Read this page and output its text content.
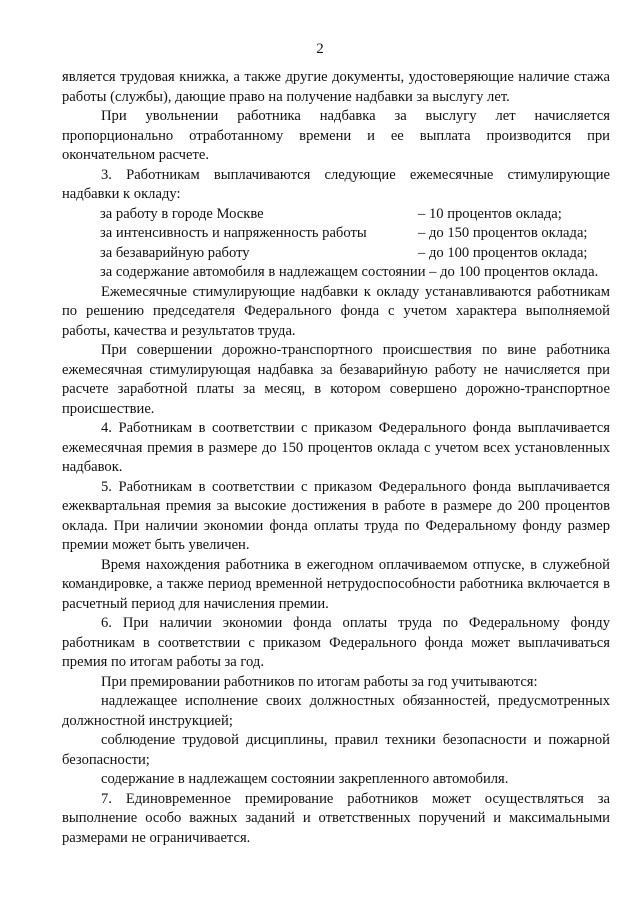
2

является трудовая книжка, а также другие документы, удостоверяющие наличие стажа работы (службы), дающие право на получение надбавки за выслугу лет.

При увольнении работника надбавка за выслугу лет начисляется пропорционально отработанному времени и ее выплата производится при окончательном расчете.

3. Работникам выплачиваются следующие ежемесячные стимулирующие надбавки к окладу:

за работу в городе Москве	– 10 процентов оклада;
за интенсивность и напряженность работы	– до 150 процентов оклада;
за безаварийную работу	– до 100 процентов оклада;

за содержание автомобиля в надлежащем состоянии – до 100 процентов оклада.

Ежемесячные стимулирующие надбавки к окладу устанавливаются работникам по решению председателя Федерального фонда с учетом характера выполняемой работы, качества и результатов труда.

При совершении дорожно-транспортного происшествия по вине работника ежемесячная стимулирующая надбавка за безаварийную работу не начисляется при расчете заработной платы за месяц, в котором совершено дорожно-транспортное происшествие.

4. Работникам в соответствии с приказом Федерального фонда выплачивается ежемесячная премия в размере до 150 процентов оклада с учетом всех установленных надбавок.

5. Работникам в соответствии с приказом Федерального фонда выплачивается ежеквартальная премия за высокие достижения в работе в размере до 200 процентов оклада. При наличии экономии фонда оплаты труда по Федеральному фонду размер премии может быть увеличен.

Время нахождения работника в ежегодном оплачиваемом отпуске, в служебной командировке, а также период временной нетрудоспособности работника включается в расчетный период для начисления премии.

6. При наличии экономии фонда оплаты труда по Федеральному фонду работникам в соответствии с приказом Федерального фонда может выплачиваться премия по итогам работы за год.

При премировании работников по итогам работы за год учитываются:

надлежащее исполнение своих должностных обязанностей, предусмотренных должностной инструкцией;

соблюдение трудовой дисциплины, правил техники безопасности и пожарной безопасности;

содержание в надлежащем состоянии закрепленного автомобиля.

7. Единовременное премирование работников может осуществляться за выполнение особо важных заданий и ответственных поручений и максимальными размерами не ограничивается.
